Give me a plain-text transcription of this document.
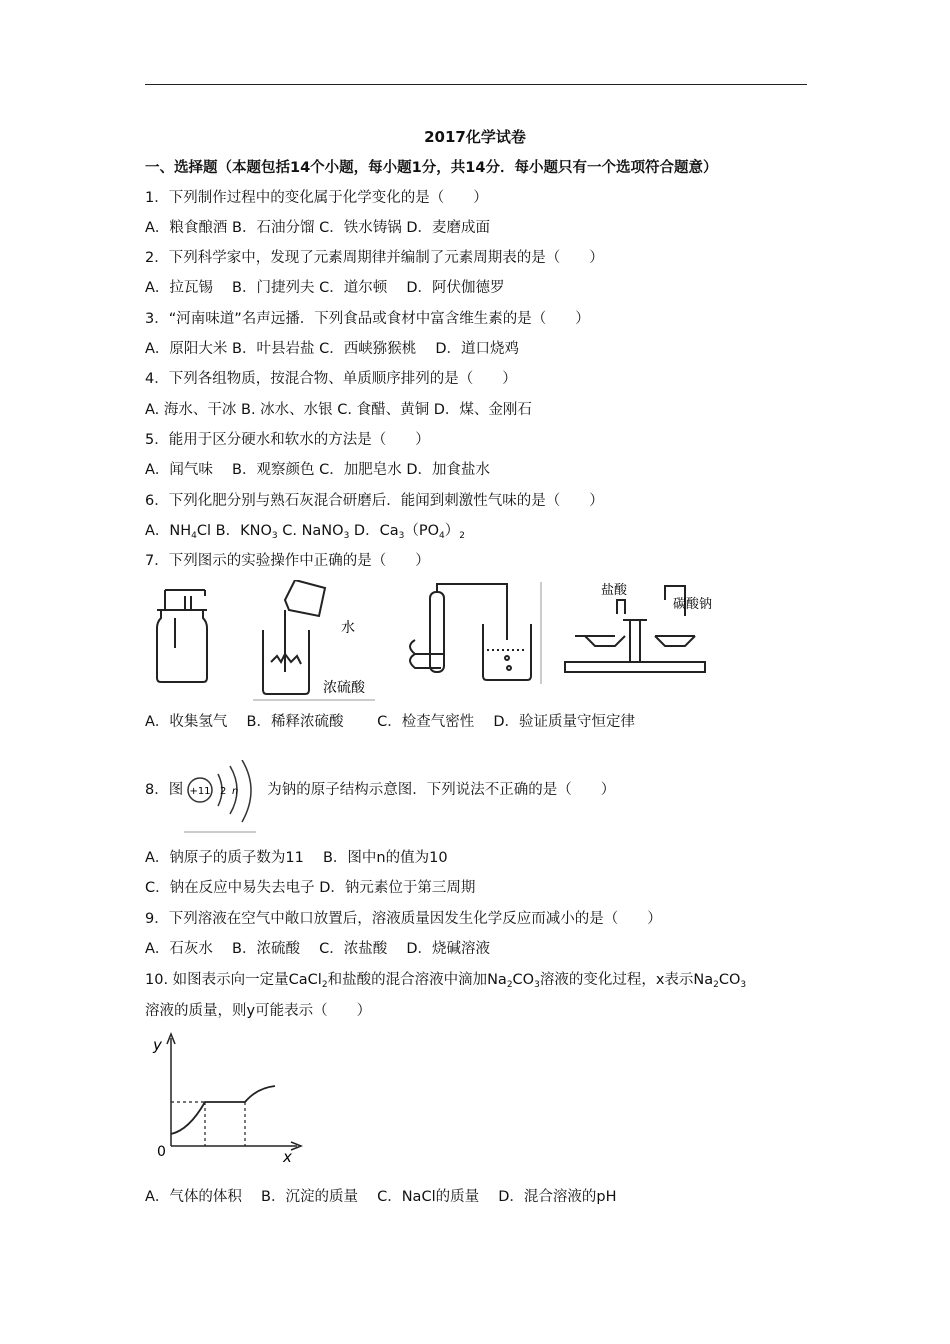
2017化学试卷
一、选择题（本题包括14个小题，每小题1分，共14分．每小题只有一个选项符合题意）
1．下列制作过程中的变化属于化学变化的是（　　）
A．粮食酿酒 B．石油分馏 C．铁水铸锅 D．麦磨成面
2．下列科学家中，发现了元素周期律并编制了元素周期表的是（　　）
A．拉瓦锡　 B．门捷列夫 C．道尔顿　 D．阿伏伽德罗
3．“河南味道”名声远播．下列食品或食材中富含维生素的是（　　）
A．原阳大米 B．叶县岩盐 C．西峡猕猴桃　 D．道口烧鸡
4．下列各组物质，按混合物、单质顺序排列的是（　　）
A. 海水、干冰 B. 冰水、水银 C. 食醋、黄铜 D．煤、金刚石
5．能用于区分硬水和软水的方法是（　　）
A．闻气味　 B．观察颜色 C．加肥皂水 D．加食盐水
6．下列化肥分别与熟石灰混合研磨后．能闻到刺激性气味的是（　　）
A．$NH_4Cl$ B．$KNO_3$ C. NaNO$_3$ D．$Ca_3(PO_4)_2$
7．下列图示的实验操作中正确的是（　　）
水
浓硫酸
盐酸
碳酸钠
A．收集氢气　 B．稀释浓硫酸　　 C．检查气密性　 D．验证质量守恒定律
8．图	为钠的原子结构示意图．下列说法不正确的是（　　）
+11 2 n
A．钠原子的质子数为11　 B．图中n的值为10
C．钠在反应中易失去电子 D．钠元素位于第三周期
9．下列溶液在空气中敞口放置后，溶液质量因发生化学反应而减小的是（　　）
A．石灰水　 B．浓硫酸　 C．浓盐酸　 D．烧碱溶液
10. 如图表示向一定量CaCl$_2$和盐酸的混合溶液中滴加$Na_2CO_3$溶液的变化过程，x表示$Na_2CO_3$
溶液的质量，则y可能表示（　　）
y
x
0
A．气体的体积　 B．沉淀的质量　 C．NaCl的质量　 D．混合溶液的pH
